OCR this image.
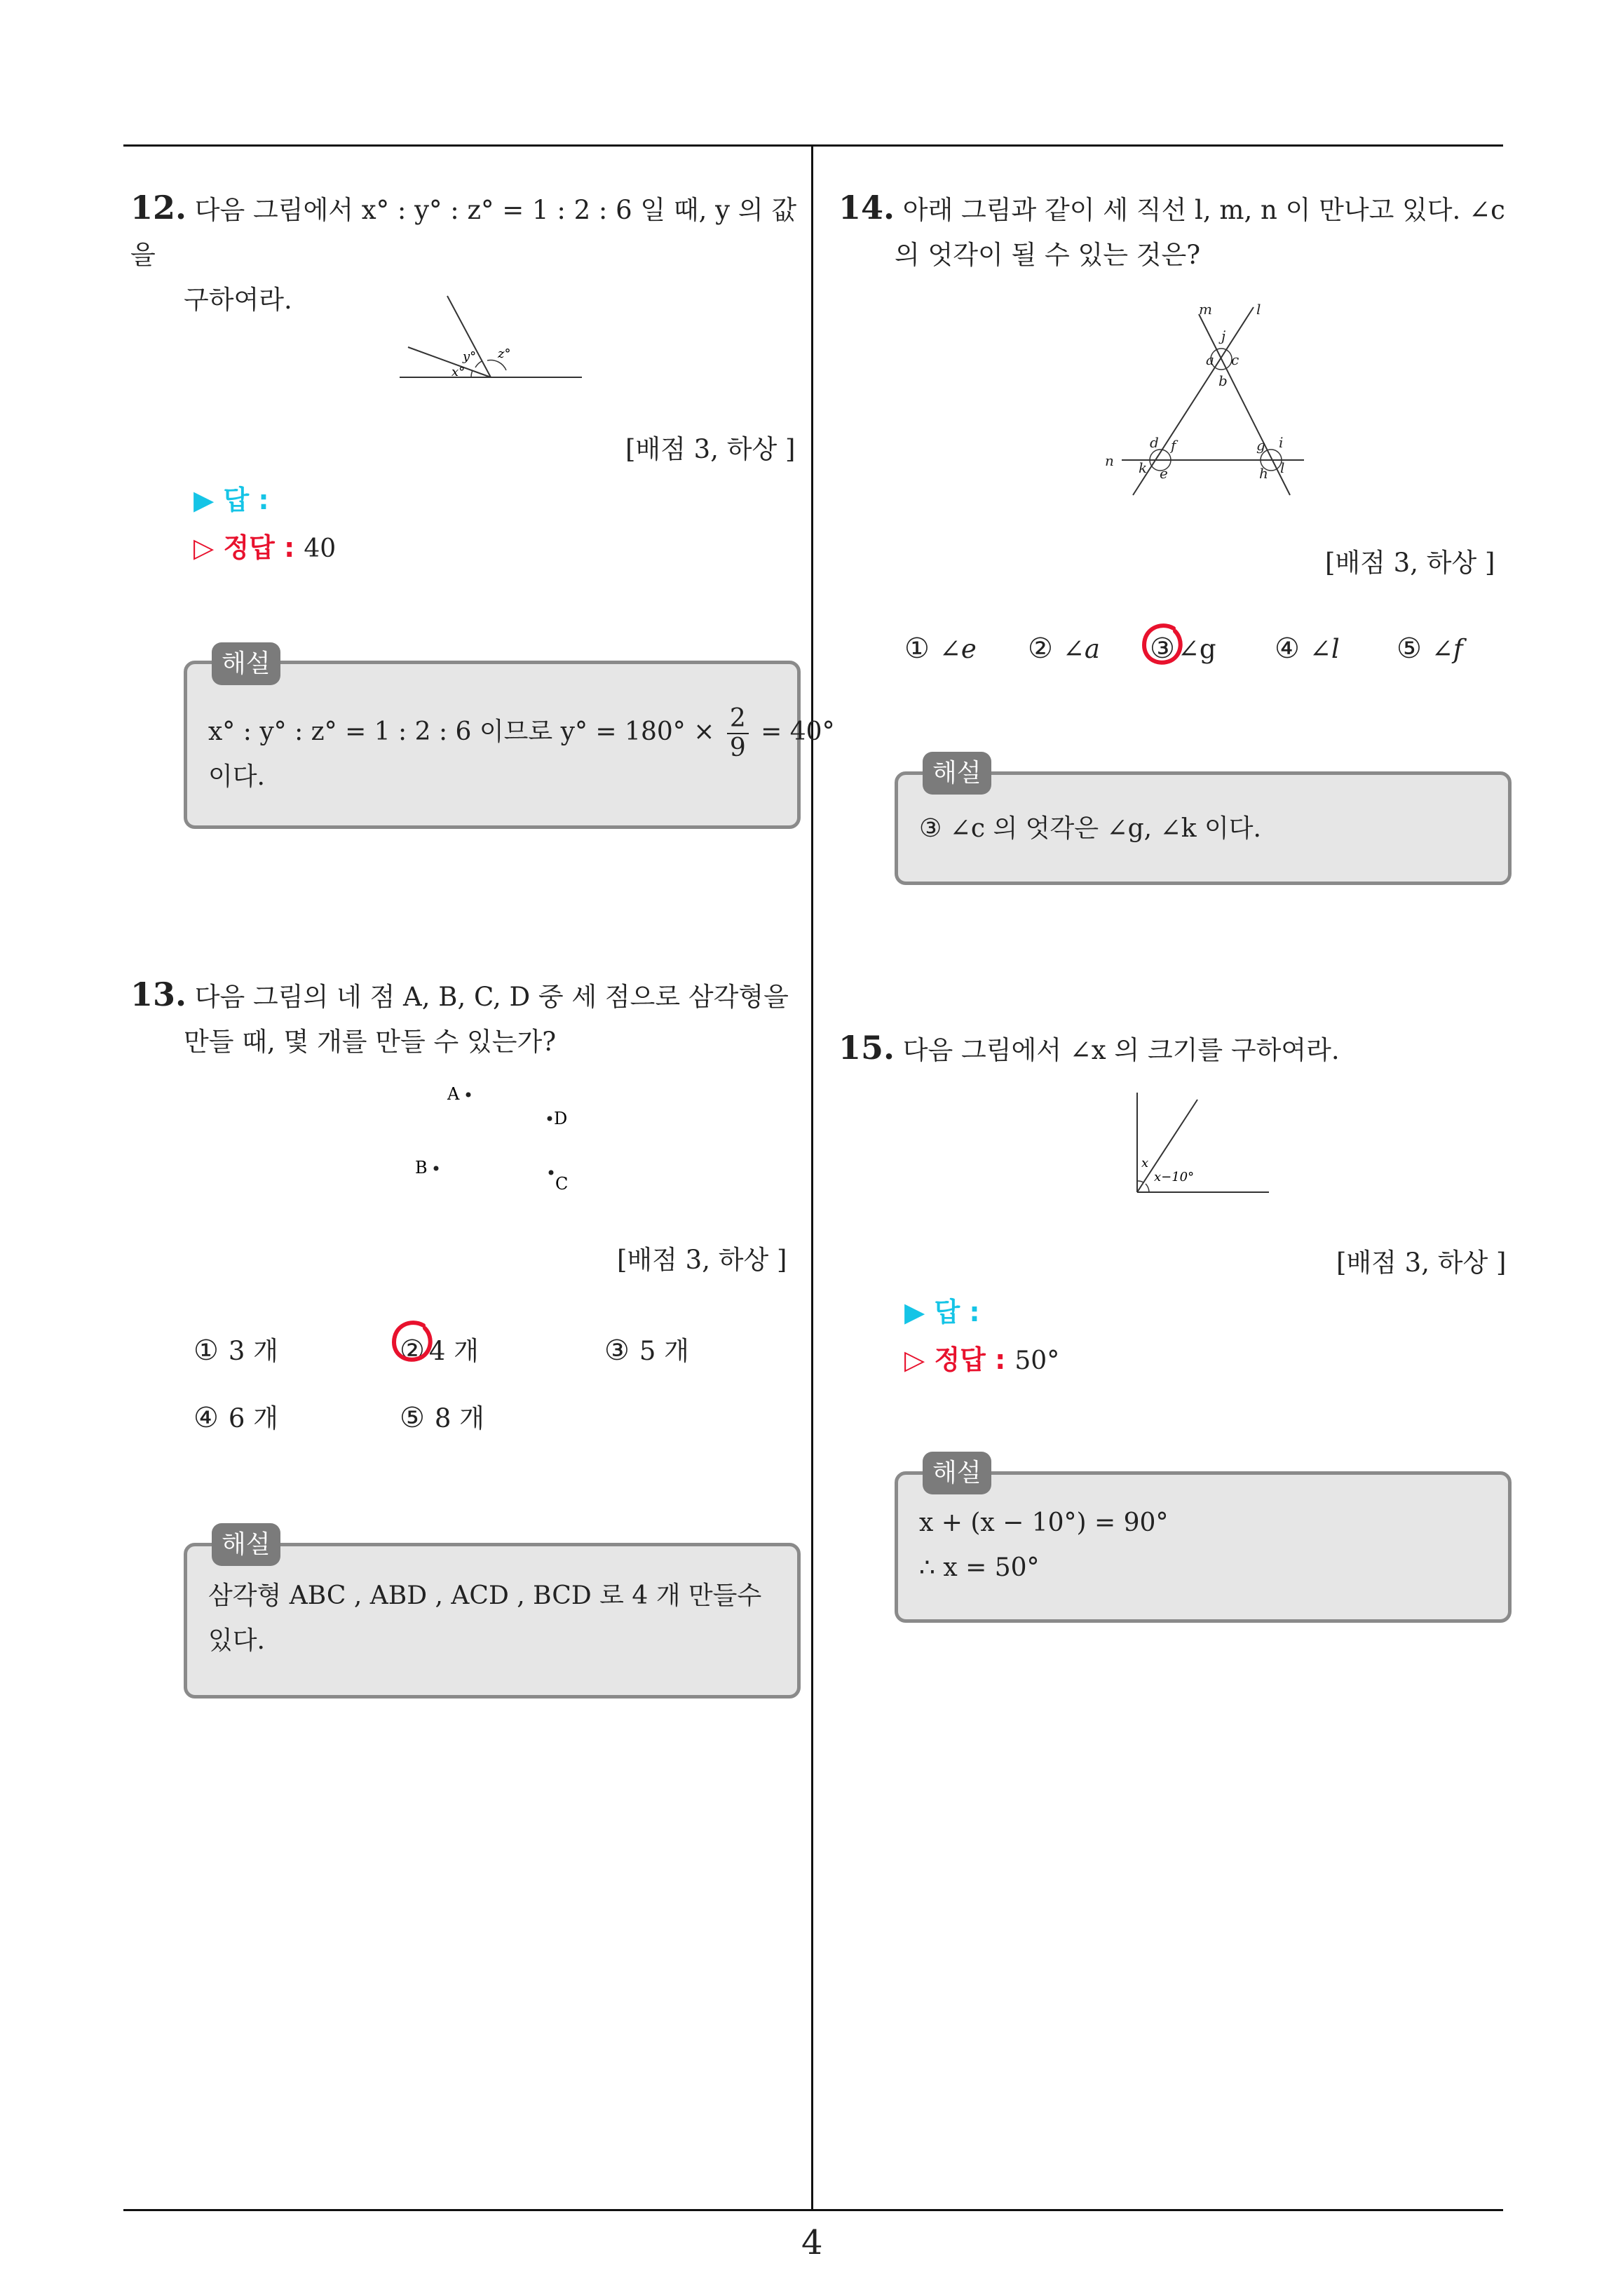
4
12. 다음 그림에서 x° : y° : z° = 1 : 2 : 6 일 때, y 의 값을
구하여라.
x°
y° z°
[배점 3, 하상 ]
▶ 답 :
▷ 정답 : 40
x° : y° : z° = 1 : 2 : 6 이므로 $y^\circ = 180^\circ \times \frac{2}{9} = 40^\circ$
이다.
해설
13. 다음 그림의 네 점 A, B, C, D 중 세 점으로 삼각형을
만들 때, 몇 개를 만들 수 있는가?
A
D
B
C
[배점 3, 하상 ]
① 3 개	② 4 개	③ 5 개
④ 6 개	⑤ 8 개
삼각형 ABC , ABD , ACD , BCD 로 4 개 만들수
있다.
해설
14. 아래 그림과 같이 세 직선 l, m, n 이 만나고 있다. ∠c
의 엇각이 될 수 있는 것은?
m	l
j
a c
b
n
d f
k e
g i
h l
[배점 3, 하상 ]
① ∠e ② ∠a ③ ∠g ④ ∠l ⑤ ∠f
③ ∠c 의 엇각은 ∠g, ∠k 이다.
해설
15. 다음 그림에서 ∠x 의 크기를 구하여라.
x
x−10°
[배점 3, 하상 ]
▶ 답 :
▷ 정답 : 50°
x + (x − 10°) = 90°
∴ x = 50°
해설
